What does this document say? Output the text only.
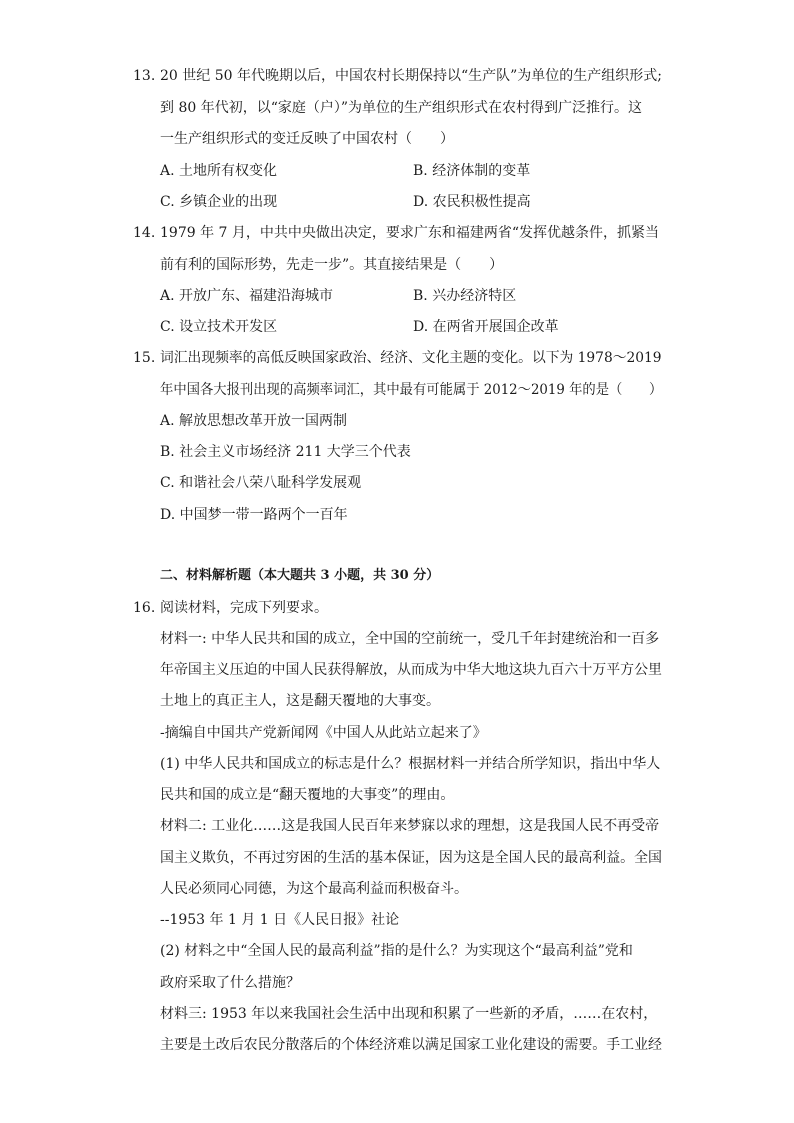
13. 20 世纪 50 年代晚期以后，中国农村长期保持以“生产队”为单位的生产组织形式;
到 80 年代初，以“家庭（户）”为单位的生产组织形式在农村得到广泛推行。这
一生产组织形式的变迁反映了中国农村（　　）
A. 土地所有权变化	B. 经济体制的变革
C. 乡镇企业的出现	D. 农民积极性提高
14. 1979 年 7 月，中共中央做出决定，要求广东和福建两省“发挥优越条件，抓紧当
前有利的国际形势，先走一步”。其直接结果是（　　）
A. 开放广东、福建沿海城市	B. 兴办经济特区
C. 设立技术开发区	D. 在两省开展国企改革
15. 词汇出现频率的高低反映国家政治、经济、文化主题的变化。以下为 1978～2019
年中国各大报刊出现的高频率词汇，其中最有可能属于 2012～2019 年的是（　　）
A. 解放思想改革开放一国两制
B. 社会主义市场经济 211 大学三个代表
C. 和谐社会八荣八耻科学发展观
D. 中国梦一带一路两个一百年
二、材料解析题（本大题共 3 小题，共 30 分）
16. 阅读材料，完成下列要求。
材料一: 中华人民共和国的成立，全中国的空前统一，受几千年封建统治和一百多
年帝国主义压迫的中国人民获得解放，从而成为中华大地这块九百六十万平方公里
土地上的真正主人，这是翻天覆地的大事变。
-摘编自中国共产党新闻网《中国人从此站立起来了》
(1) 中华人民共和国成立的标志是什么？根据材料一并结合所学知识，指出中华人
民共和国的成立是“翻天覆地的大事变”的理由。
材料二: 工业化……这是我国人民百年来梦寐以求的理想，这是我国人民不再受帝
国主义欺负，不再过穷困的生活的基本保证，因为这是全国人民的最高利益。全国
人民必须同心同德，为这个最高利益而积极奋斗。
--1953 年 1 月 1 日《人民日报》社论
(2) 材料之中“全国人民的最高利益”指的是什么？为实现这个“最高利益”党和
政府采取了什么措施？
材料三: 1953 年以来我国社会生活中出现和积累了一些新的矛盾，……在农村，
主要是土改后农民分散落后的个体经济难以满足国家工业化建设的需要。手工业经
